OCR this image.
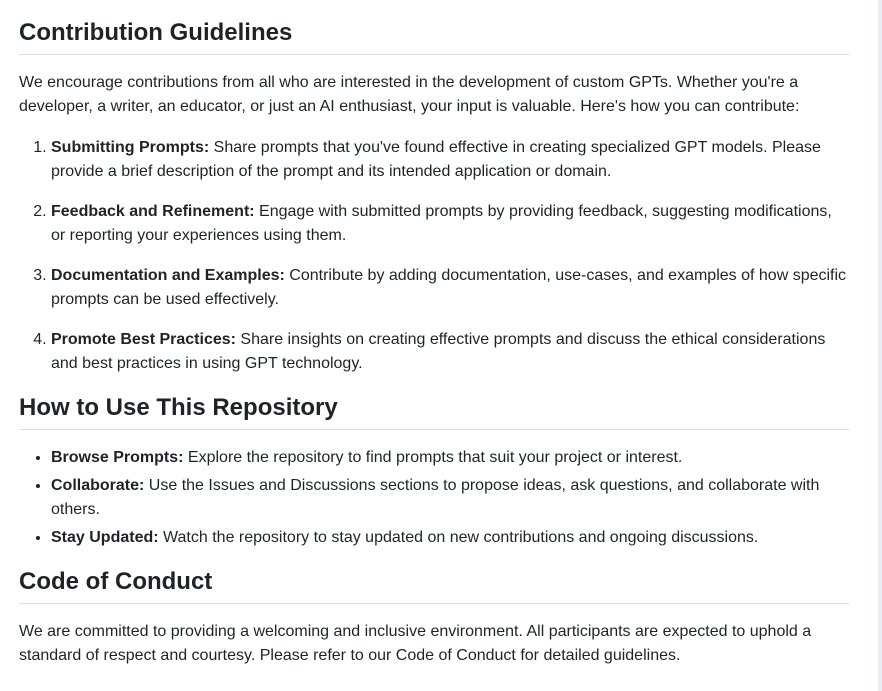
Contribution Guidelines

We encourage contributions from all who are interested in the development of custom GPTs. Whether you're a developer, a writer, an educator, or just an AI enthusiast, your input is valuable. Here's how you can contribute:

1. Submitting Prompts: Share prompts that you've found effective in creating specialized GPT models. Please provide a brief description of the prompt and its intended application or domain.
2. Feedback and Refinement: Engage with submitted prompts by providing feedback, suggesting modifications, or reporting your experiences using them.
3. Documentation and Examples: Contribute by adding documentation, use-cases, and examples of how specific prompts can be used effectively.
4. Promote Best Practices: Share insights on creating effective prompts and discuss the ethical considerations and best practices in using GPT technology.
How to Use This Repository
• Browse Prompts: Explore the repository to find prompts that suit your project or interest.
• Collaborate: Use the Issues and Discussions sections to propose ideas, ask questions, and collaborate with others.
• Stay Updated: Watch the repository to stay updated on new contributions and ongoing discussions.
Code of Conduct

We are committed to providing a welcoming and inclusive environment. All participants are expected to uphold a standard of respect and courtesy. Please refer to our Code of Conduct for detailed guidelines.
